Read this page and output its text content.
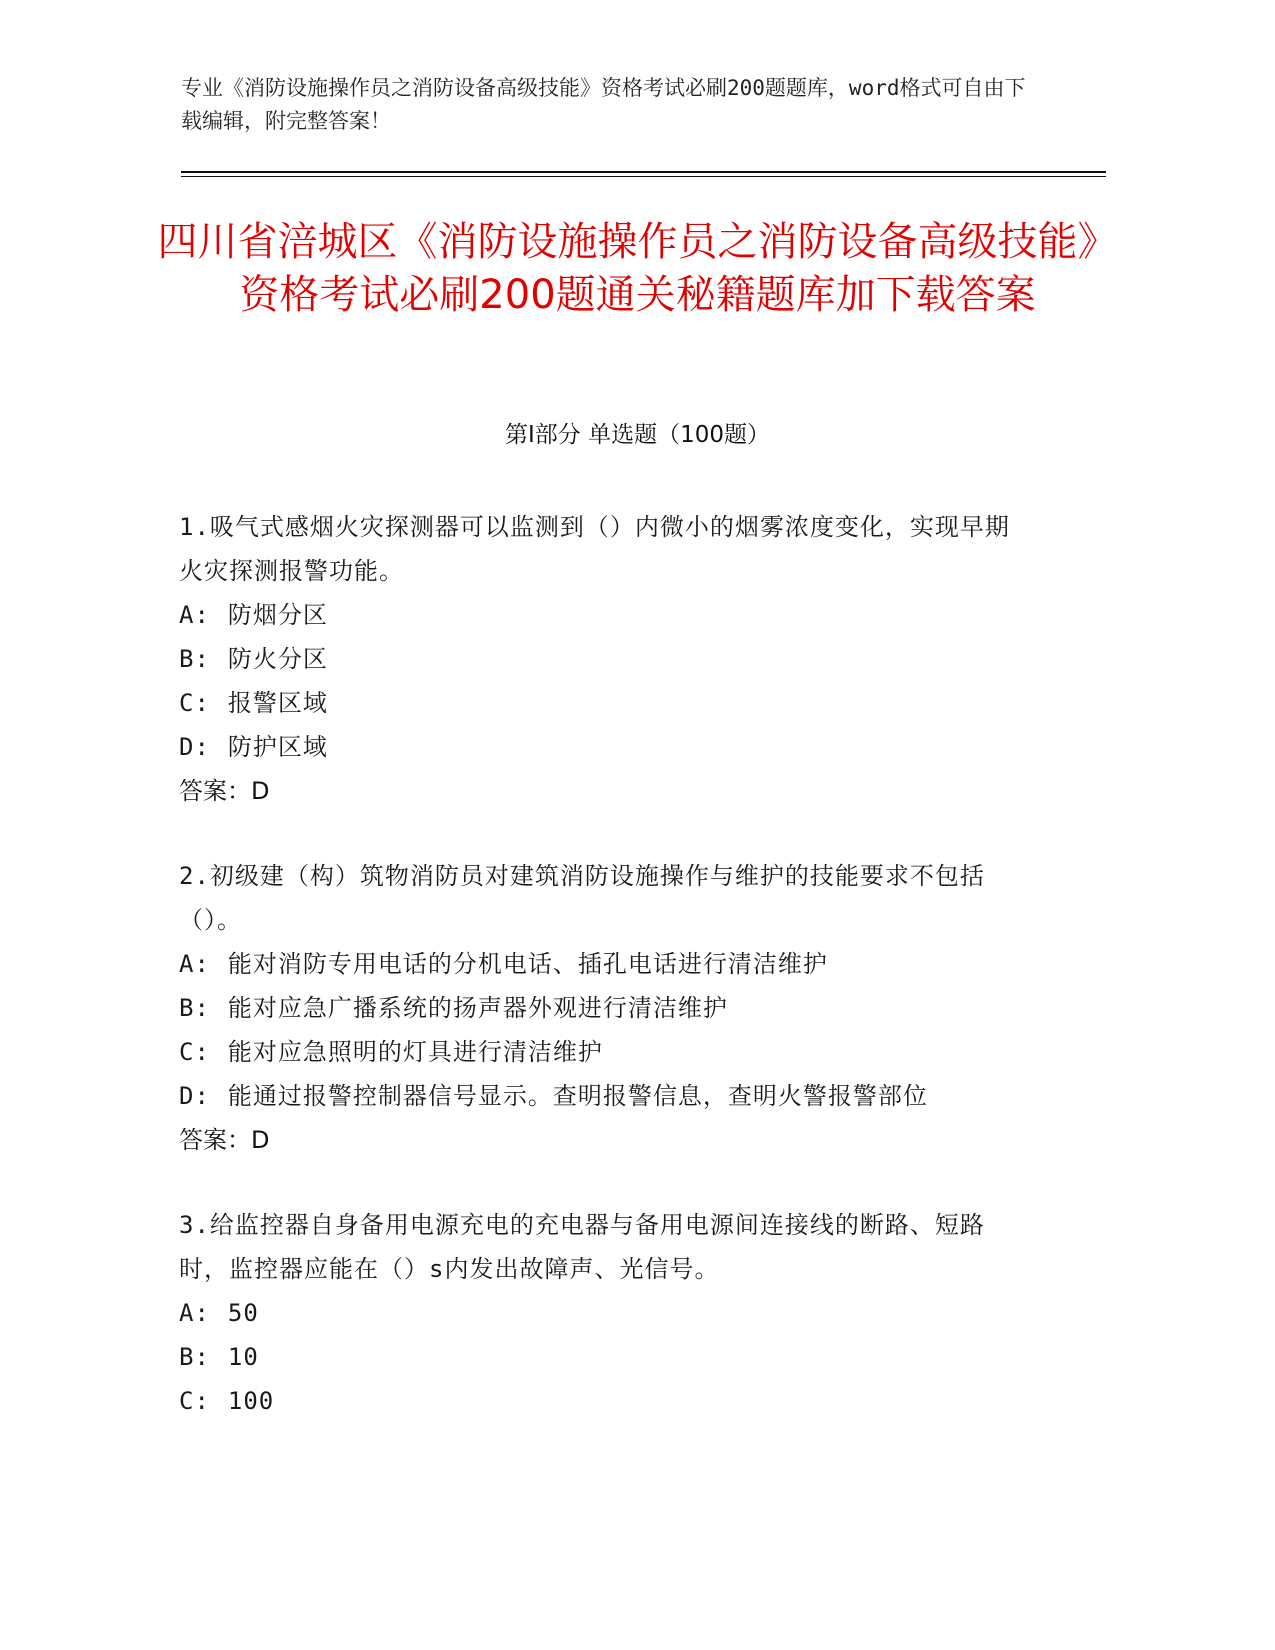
专业《消防设施操作员之消防设备高级技能》资格考试必刷200题题库，word格式可自由下载编辑，附完整答案！
四川省涪城区《消防设施操作员之消防设备高级技能》资格考试必刷200题通关秘籍题库加下载答案
第Ⅰ部分 单选题（100题）
1.吸气式感烟火灾探测器可以监测到（）内微小的烟雾浓度变化，实现早期火灾探测报警功能。
A: 防烟分区
B: 防火分区
C: 报警区域
D: 防护区域
答案：D
2.初级建（构）筑物消防员对建筑消防设施操作与维护的技能要求不包括（）。
A: 能对消防专用电话的分机电话、插孔电话进行清洁维护
B: 能对应急广播系统的扬声器外观进行清洁维护
C: 能对应急照明的灯具进行清洁维护
D: 能通过报警控制器信号显示。查明报警信息，查明火警报警部位
答案：D
3.给监控器自身备用电源充电的充电器与备用电源间连接线的断路、短路时，监控器应能在（）s内发出故障声、光信号。
A: 50
B: 10
C: 100
